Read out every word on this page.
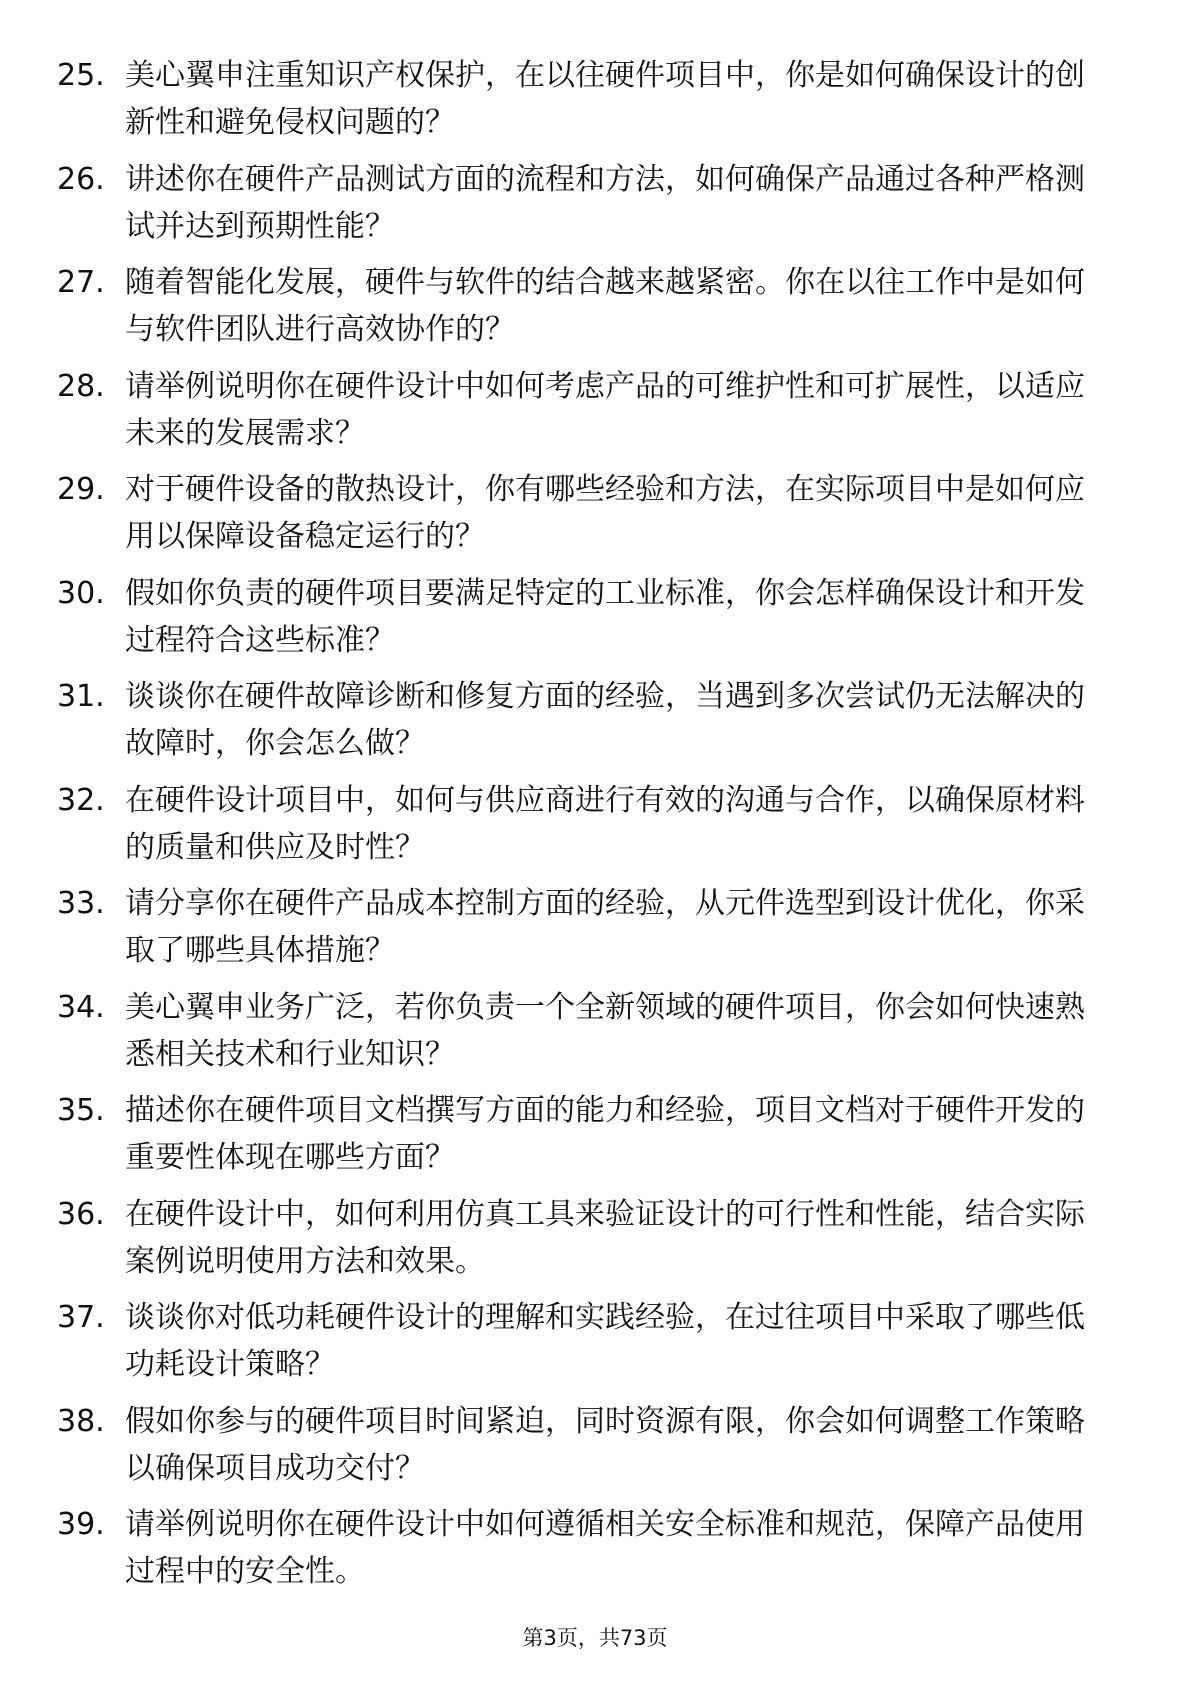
25. 美心翼申注重知识产权保护，在以往硬件项目中，你是如何确保设计的创新性和避免侵权问题的？
26. 讲述你在硬件产品测试方面的流程和方法，如何确保产品通过各种严格测试并达到预期性能？
27. 随着智能化发展，硬件与软件的结合越来越紧密。你在以往工作中是如何与软件团队进行高效协作的？
28. 请举例说明你在硬件设计中如何考虑产品的可维护性和可扩展性，以适应未来的发展需求？
29. 对于硬件设备的散热设计，你有哪些经验和方法，在实际项目中是如何应用以保障设备稳定运行的？
30. 假如你负责的硬件项目要满足特定的工业标准，你会怎样确保设计和开发过程符合这些标准？
31. 谈谈你在硬件故障诊断和修复方面的经验，当遇到多次尝试仍无法解决的故障时，你会怎么做？
32. 在硬件设计项目中，如何与供应商进行有效的沟通与合作，以确保原材料的质量和供应及时性？
33. 请分享你在硬件产品成本控制方面的经验，从元件选型到设计优化，你采取了哪些具体措施？
34. 美心翼申业务广泛，若你负责一个全新领域的硬件项目，你会如何快速熟悉相关技术和行业知识？
35. 描述你在硬件项目文档撰写方面的能力和经验，项目文档对于硬件开发的重要性体现在哪些方面？
36. 在硬件设计中，如何利用仿真工具来验证设计的可行性和性能，结合实际案例说明使用方法和效果。
37. 谈谈你对低功耗硬件设计的理解和实践经验，在过往项目中采取了哪些低功耗设计策略？
38. 假如你参与的硬件项目时间紧迫，同时资源有限，你会如何调整工作策略以确保项目成功交付？
39. 请举例说明你在硬件设计中如何遵循相关安全标准和规范，保障产品使用过程中的安全性。
第3页，共73页
